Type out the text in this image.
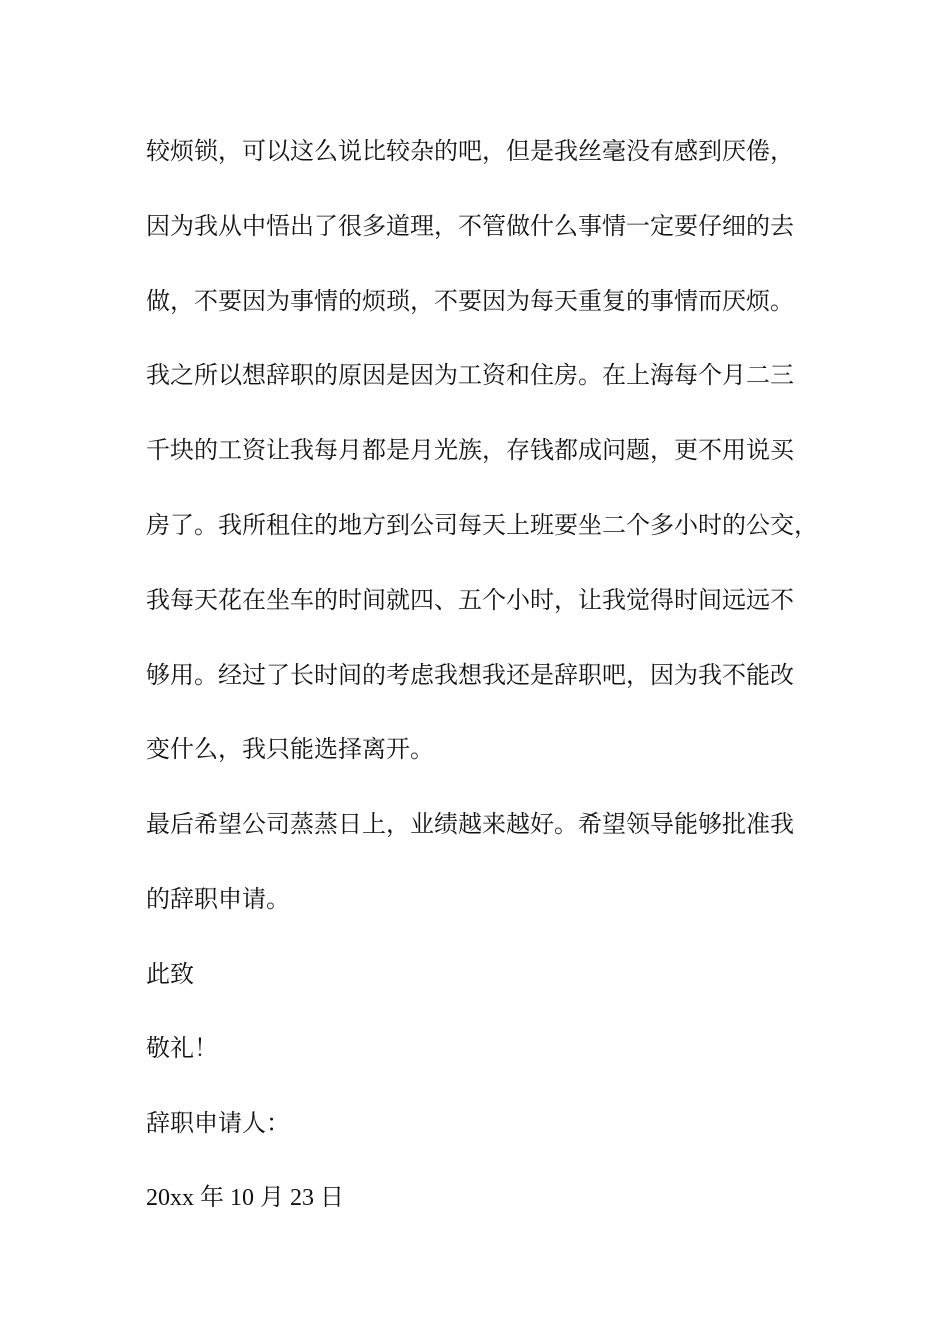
较烦锁，可以这么说比较杂的吧，但是我丝毫没有感到厌倦，

因为我从中悟出了很多道理，不管做什么事情一定要仔细的去

做，不要因为事情的烦琐，不要因为每天重复的事情而厌烦。

我之所以想辞职的原因是因为工资和住房。在上海每个月二三

千块的工资让我每月都是月光族，存钱都成问题，更不用说买

房了。我所租住的地方到公司每天上班要坐二个多小时的公交，

我每天花在坐车的时间就四、五个小时，让我觉得时间远远不

够用。经过了长时间的考虑我想我还是辞职吧，因为我不能改

变什么，我只能选择离开。

最后希望公司蒸蒸日上，业绩越来越好。希望领导能够批准我

的辞职申请。

此致

敬礼！

辞职申请人：

20xx 年 10 月 23 日
